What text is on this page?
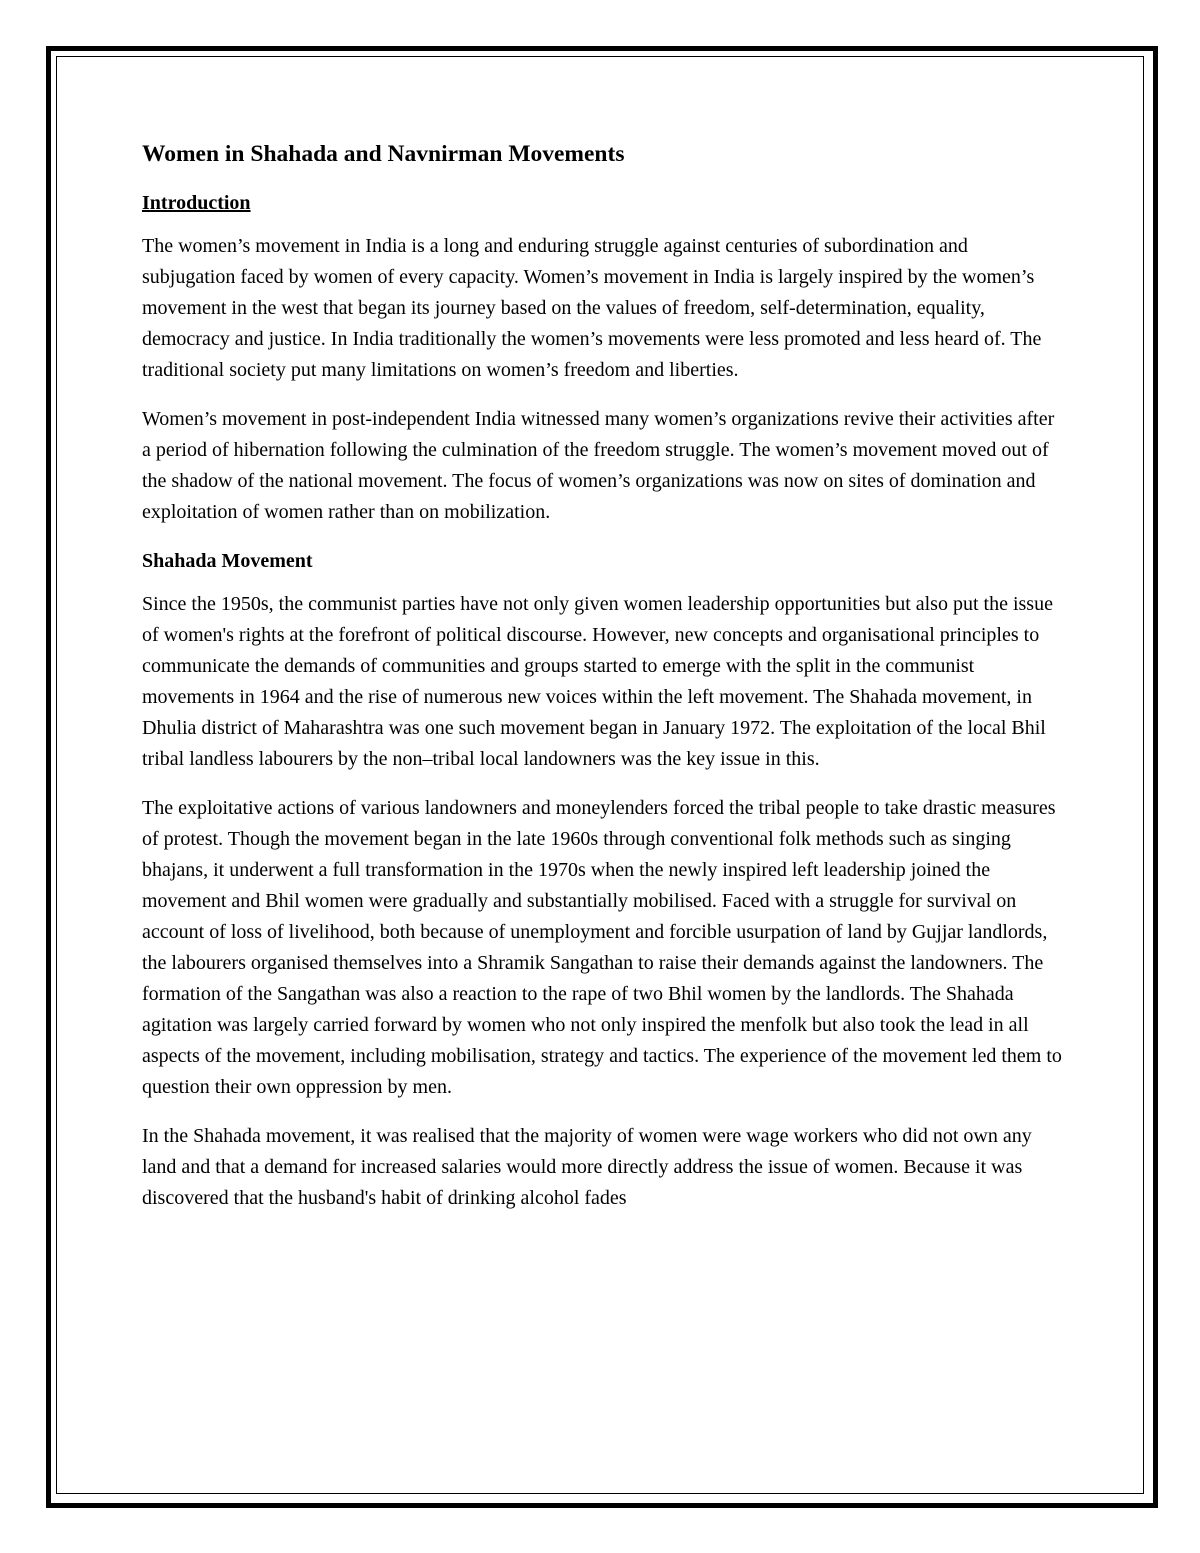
Women in Shahada and Navnirman Movements
Introduction

The women’s movement in India is a long and enduring struggle against centuries of subordination and subjugation faced by women of every capacity. Women’s movement in India is largely inspired by the women’s movement in the west that began its journey based on the values of freedom, self-determination, equality, democracy and justice. In India traditionally the women’s movements were less promoted and less heard of. The traditional society put many limitations on women’s freedom and liberties.

Women’s movement in post-independent India witnessed many women’s organizations revive their activities after a period of hibernation following the culmination of the freedom struggle. The women’s movement moved out of the shadow of the national movement. The focus of women’s organizations was now on sites of domination and exploitation of women rather than on mobilization.

Shahada Movement

Since the 1950s, the communist parties have not only given women leadership opportunities but also put the issue of women's rights at the forefront of political discourse. However, new concepts and organisational principles to communicate the demands of communities and groups started to emerge with the split in the communist movements in 1964 and the rise of numerous new voices within the left movement. The Shahada movement, in Dhulia district of Maharashtra was one such movement began in January 1972. The exploitation of the local Bhil tribal landless labourers by the non–tribal local landowners was the key issue in this.

The exploitative actions of various landowners and moneylenders forced the tribal people to take drastic measures of protest. Though the movement began in the late 1960s through conventional folk methods such as singing bhajans, it underwent a full transformation in the 1970s when the newly inspired left leadership joined the movement and Bhil women were gradually and substantially mobilised. Faced with a struggle for survival on account of loss of livelihood, both because of unemployment and forcible usurpation of land by Gujjar landlords, the labourers organised themselves into a Shramik Sangathan to raise their demands against the landowners. The formation of the Sangathan was also a reaction to the rape of two Bhil women by the landlords. The Shahada agitation was largely carried forward by women who not only inspired the menfolk but also took the lead in all aspects of the movement, including mobilisation, strategy and tactics. The experience of the movement led them to question their own oppression by men.

In the Shahada movement, it was realised that the majority of women were wage workers who did not own any land and that a demand for increased salaries would more directly address the issue of women. Because it was discovered that the husband's habit of drinking alcohol fades
